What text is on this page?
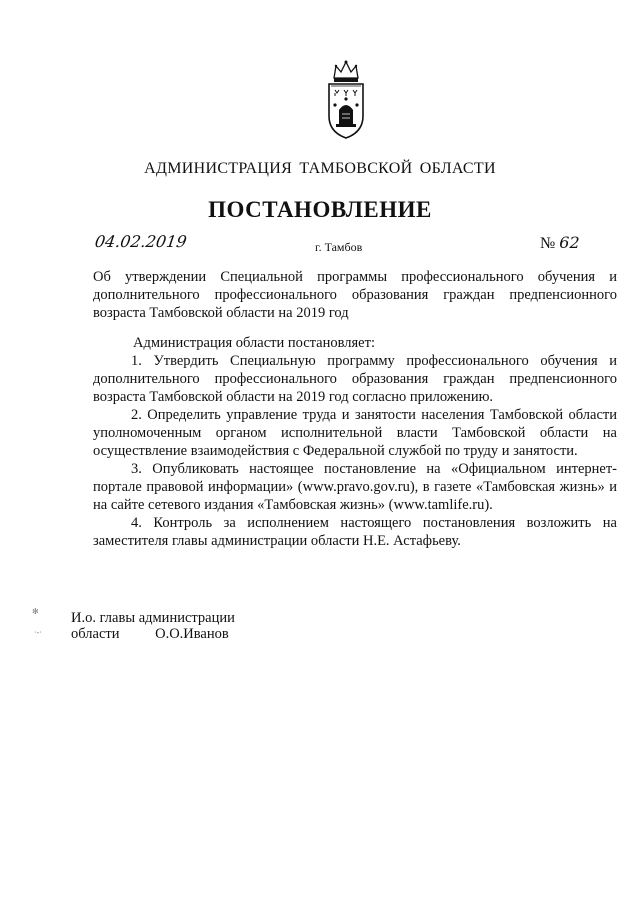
АДМИНИСТРАЦИЯ ТАМБОВСКОЙ ОБЛАСТИ
ПОСТАНОВЛЕНИЕ
04.02.2019	г. Тамбов	№ 62
Об утверждении Специальной программы профессионального обучения и дополнительного профессионального образования граждан предпенсионного возраста Тамбовской области на 2019 год

Администрация области постановляет:

1. Утвердить Специальную программу профессионального обучения и дополнительного профессионального образования граждан предпенсионного возраста Тамбовской области на 2019 год согласно приложению.

2. Определить управление труда и занятости населения Тамбовской области уполномоченным органом исполнительной власти Тамбовской области на осуществление взаимодействия с Федеральной службой по труду и занятости.

3. Опубликовать настоящее постановление на «Официальном интернет-портале правовой информации» (www.pravo.gov.ru), в газете «Тамбовская жизнь» и на сайте сетевого издания «Тамбовская жизнь» (www.tamlife.ru).

4. Контроль за исполнением настоящего постановления возложить на заместителя главы администрации области Н.Е. Астафьеву.

И.о. главы администрации
области О.О.Иванов
✻
·-·
